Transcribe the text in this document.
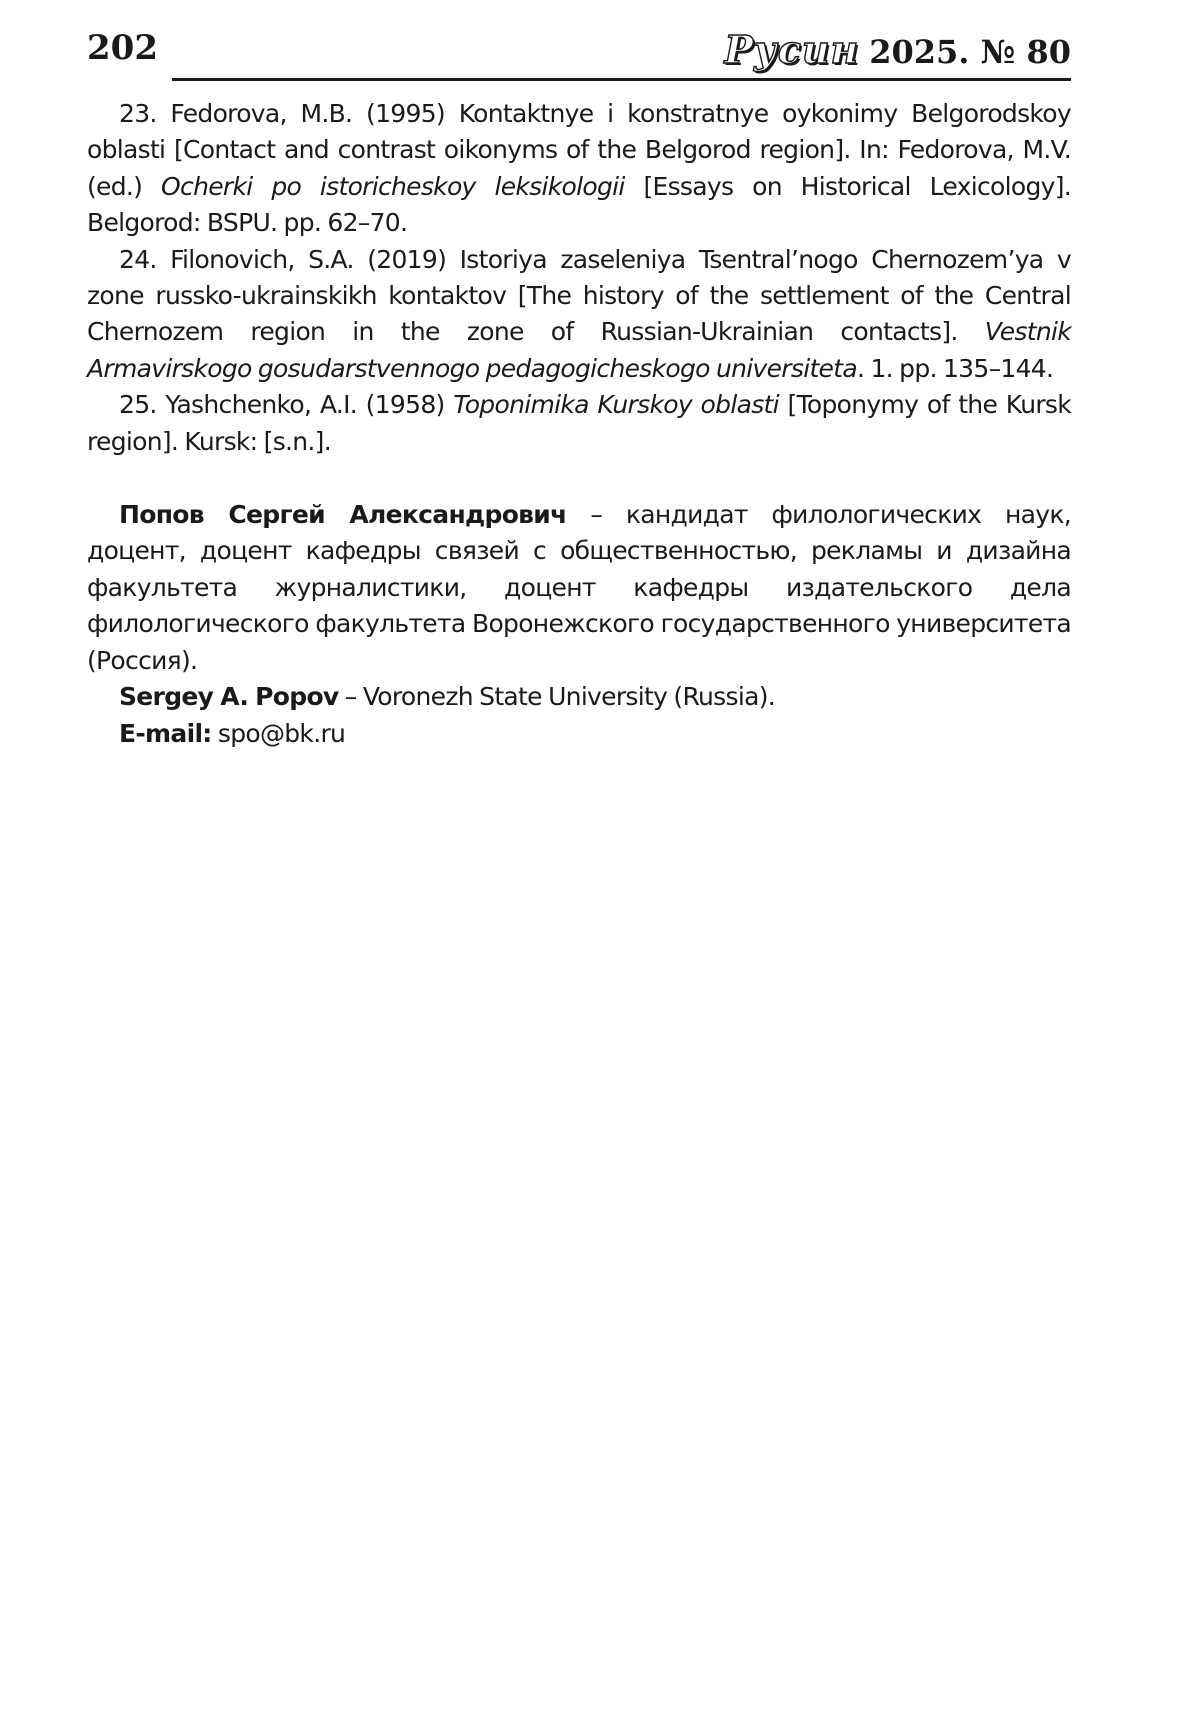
202	Русин 2025. № 80

23. Fedorova, M.B. (1995) Kontaktnye i konstratnye oykonimy Belgorodskoy oblasti [Contact and contrast oikonyms of the Belgorod region]. In: Fedorova, M.V. (ed.) Ocherki po istoricheskoy leksikologii [Essays on Historical Lexicology]. Belgorod: BSPU. pp. 62–70.

24. Filonovich, S.A. (2019) Istoriya zaseleniya Tsentral’nogo Chernozem’ya v zone russko-ukrainskikh kontaktov [The history of the settlement of the Central Chernozem region in the zone of Russian-Ukrainian contacts]. Vestnik Armavirskogo gosudarstvennogo pedagogicheskogo universiteta. 1. pp. 135–144.

25. Yashchenko, A.I. (1958) Toponimika Kurskoy oblasti [Toponymy of the Kursk region]. Kursk: [s.n.].

Попов Сергей Александрович – кандидат филологических наук, доцент, доцент кафедры связей с общественностью, рекламы и дизайна факультета журналистики, доцент кафедры издательского дела филологического факультета Воронежского государственного университета (Россия).

Sergey A. Popov – Voronezh State University (Russia).

E-mail: spo@bk.ru
